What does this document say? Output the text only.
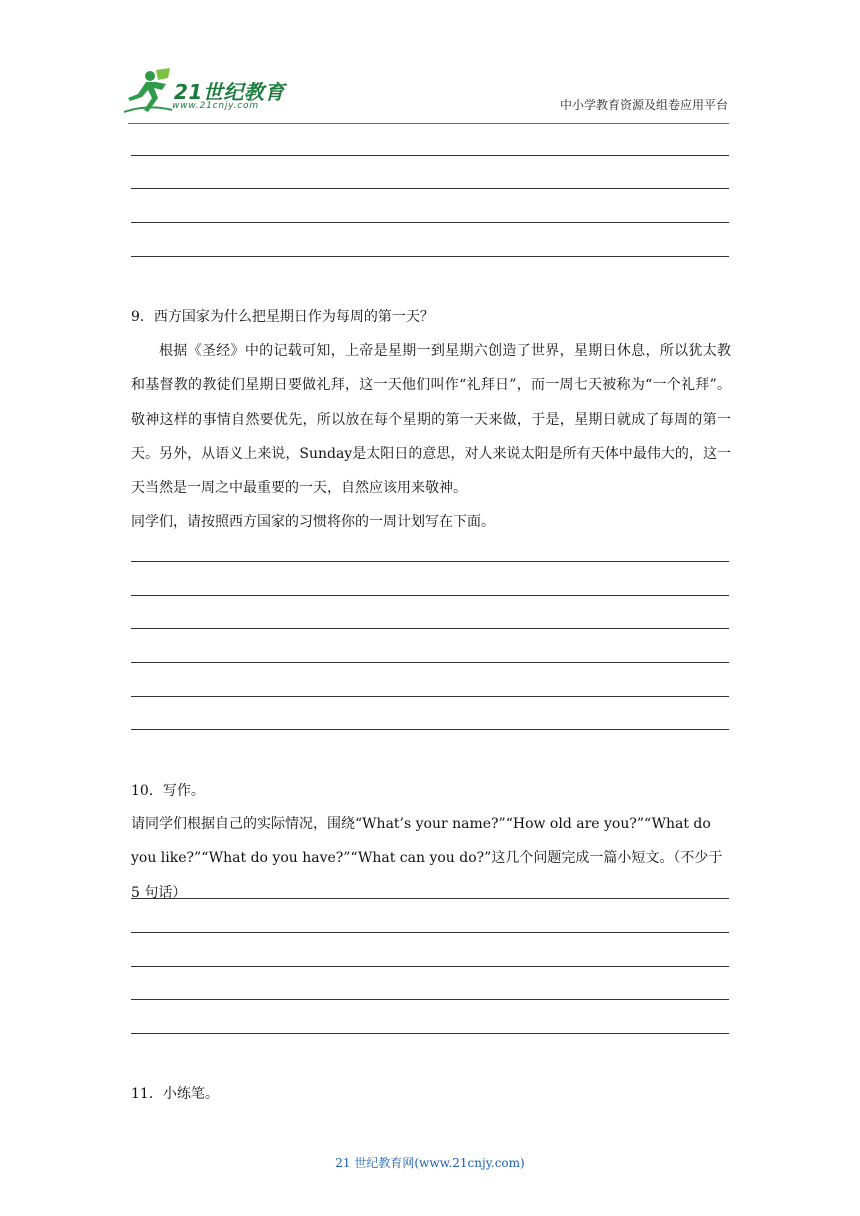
21世纪教育
www.21cnjy.com	中小学教育资源及组卷应用平台
9．西方国家为什么把星期日作为每周的第一天？
根据《圣经》中的记载可知，上帝是星期一到星期六创造了世界，星期日休息，所以犹太教和基督教的教徒们星期日要做礼拜，这一天他们叫作“礼拜日”，而一周七天被称为“一个礼拜”。敬神这样的事情自然要优先，所以放在每个星期的第一天来做，于是，星期日就成了每周的第一天。另外，从语义上来说，Sunday是太阳日的意思，对人来说太阳是所有天体中最伟大的，这一天当然是一周之中最重要的一天，自然应该用来敬神。
同学们，请按照西方国家的习惯将你的一周计划写在下面。
10．写作。
请同学们根据自己的实际情况，围绕“What’s your name?”“How old are you?”“What do you like?”“What do you have?”“What can you do?”这几个问题完成一篇小短文。（不少于 5 句话）
11．小练笔。
21 世纪教育网(www.21cnjy.com)
